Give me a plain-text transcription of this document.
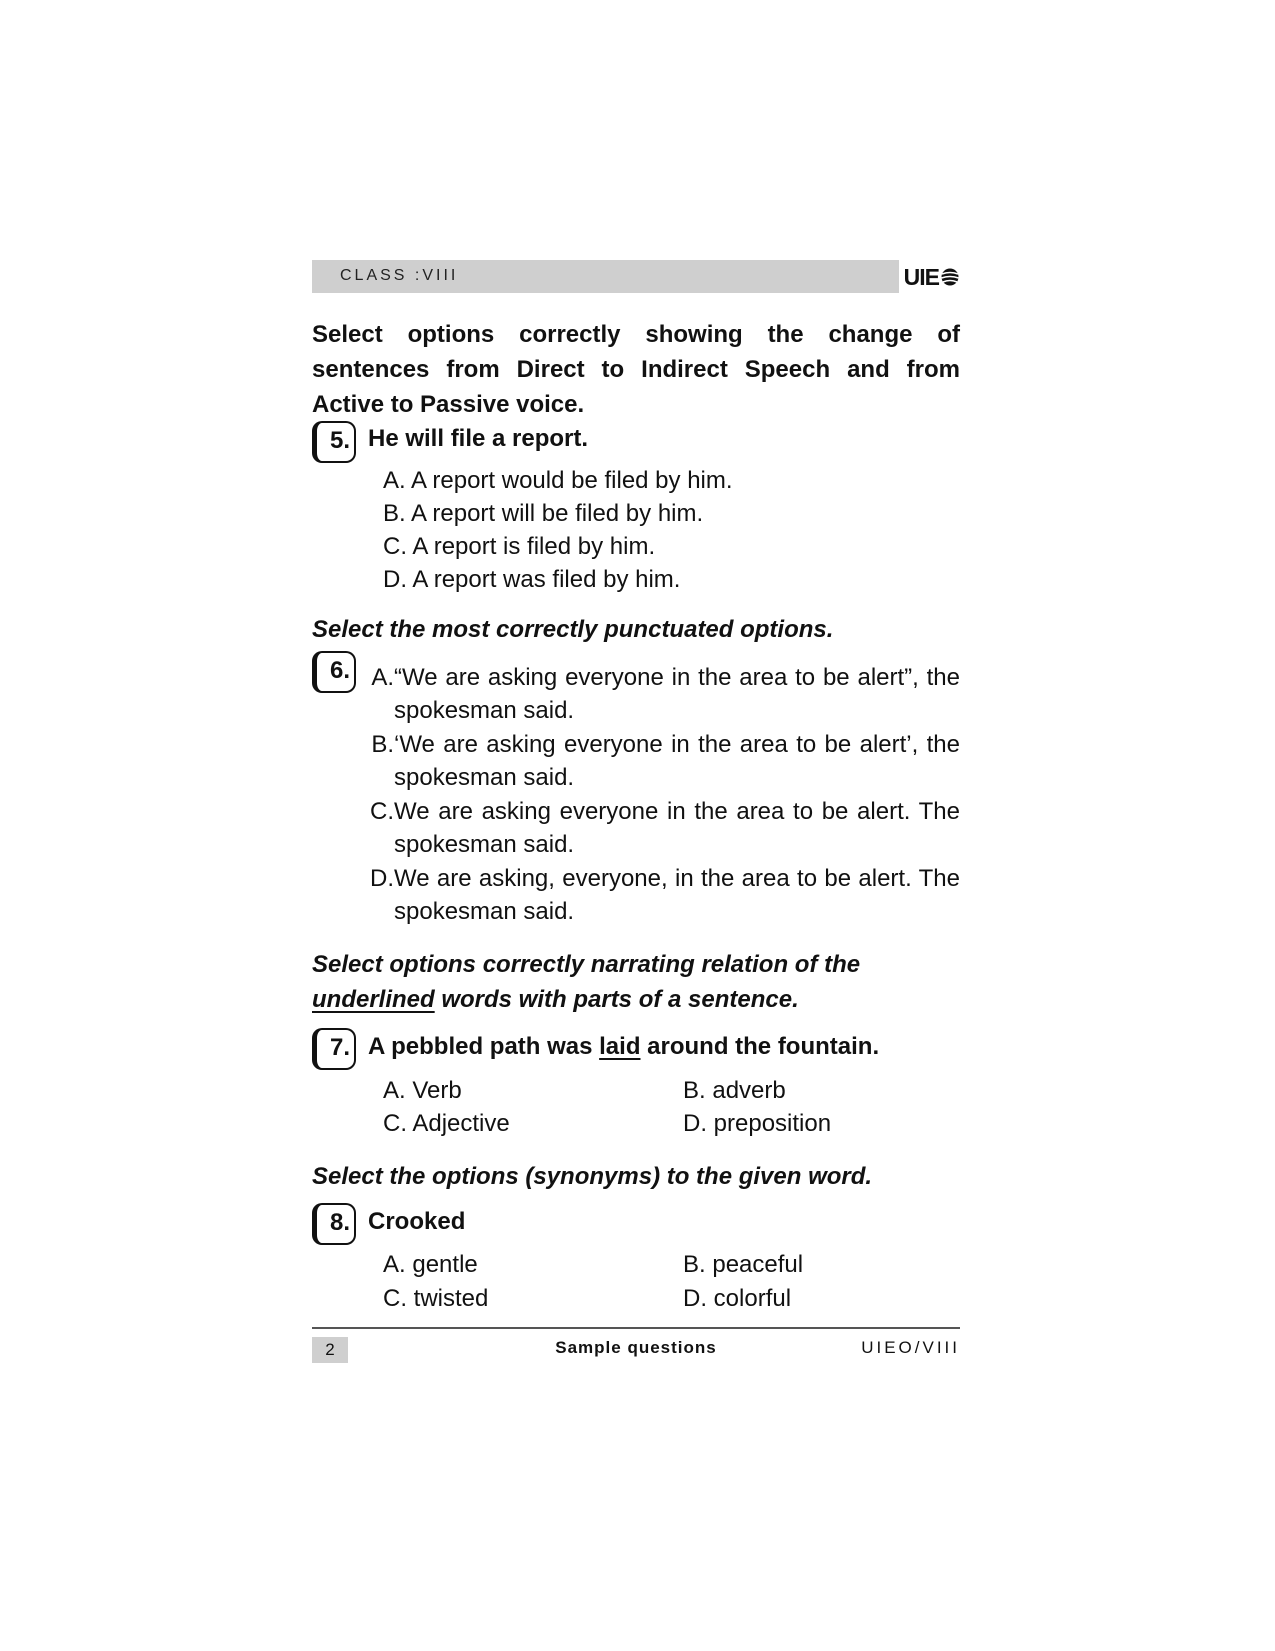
CLASS :VIII	UIE
Select options correctly showing the change of sentences from Direct to Indirect Speech and from Active to Passive voice.
5. He will file a report.
A. A report would be filed by him.
B. A report will be filed by him.
C. A report is filed by him.
D. A report was filed by him.
Select the most correctly punctuated options.
6. A. “We are asking everyone in the area to be alert”, the
spokesman said.
B. ‘We are asking everyone in the area to be alert’, the
spokesman said.
C. We are asking everyone in the area to be alert. The
spokesman said.
D. We are asking, everyone, in the area to be alert. The
spokesman said.
Select options correctly narrating relation of the
underlined words with parts of a sentence.
7. A pebbled path was laid around the fountain.
A. Verb	B. adverb
C. Adjective	D. preposition
Select the options (synonyms) to the given word.
8. Crooked
A. gentle	B. peaceful
C. twisted	D. colorful
2	Sample questions	UIEO/VIII
